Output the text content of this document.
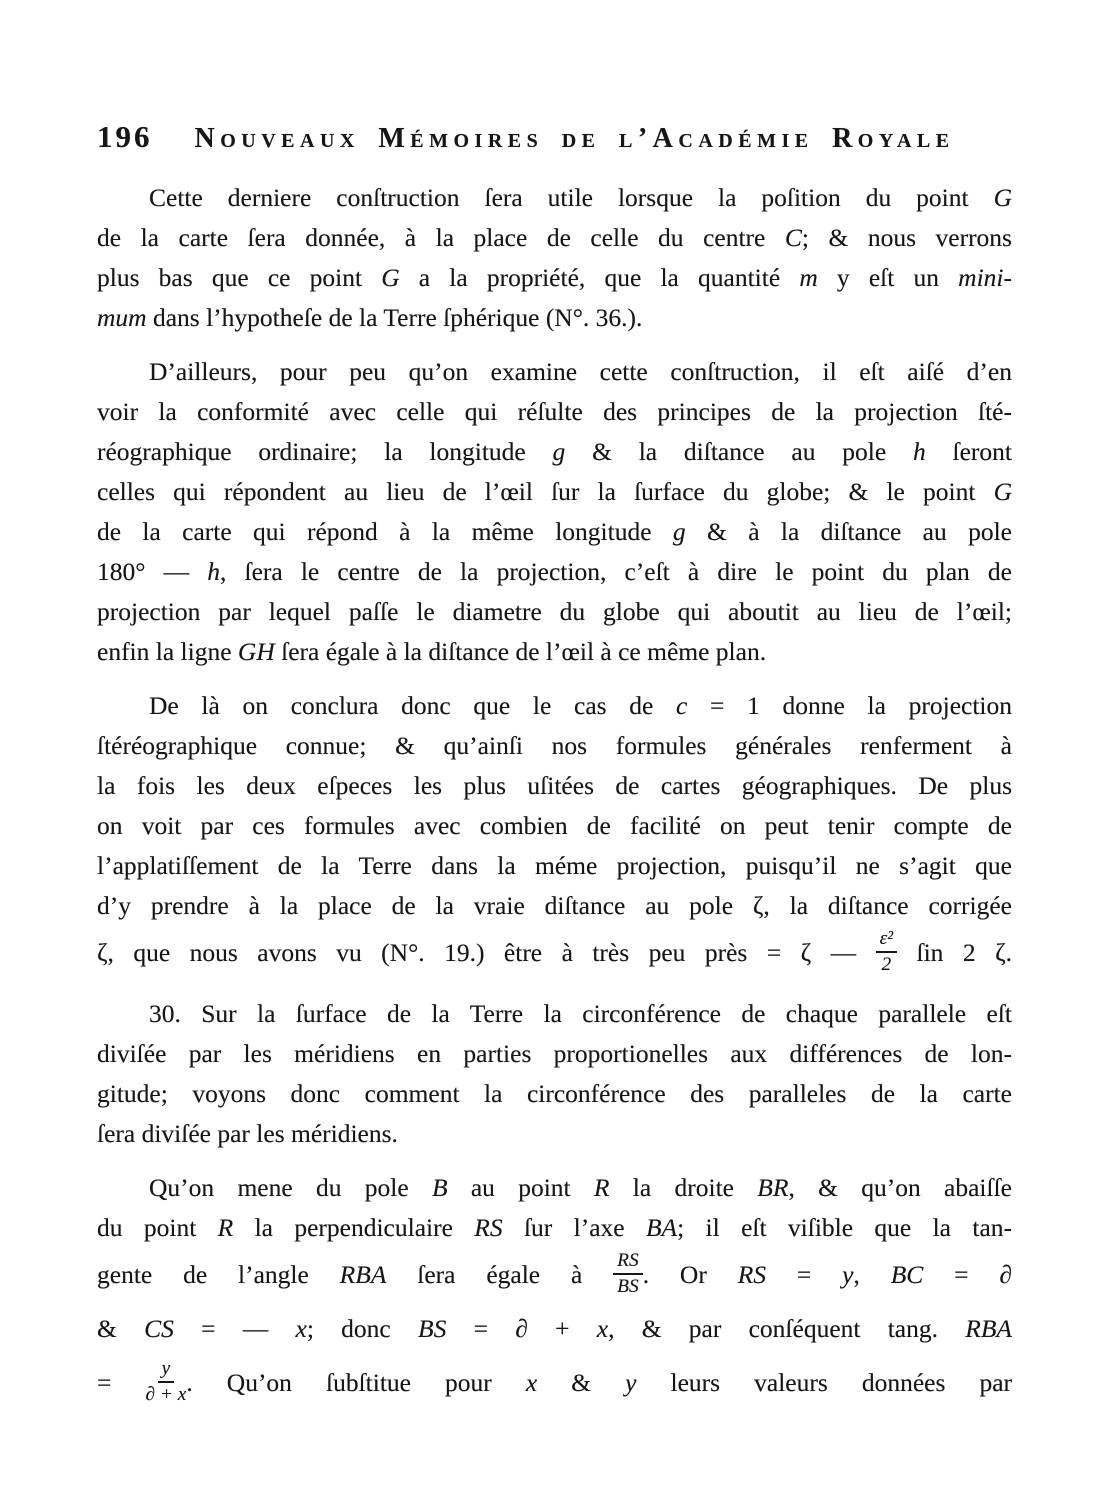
196 Nouveaux Mémoires de l’Académie Royale
Cette derniere conſtruction ſera utile lorsque la poſition du point G
de la carte ſera donnée, à la place de celle du centre C; & nous verrons
plus bas que ce point G a la propriété, que la quantité m y eſt un mini-
mum dans l’hypotheſe de la Terre ſphérique (N°. 36.).
D’ailleurs, pour peu qu’on examine cette conſtruction, il eſt aiſé d’en
voir la conformité avec celle qui réſulte des principes de la projection ſté-
réographique ordinaire; la longitude g & la diſtance au pole h ſeront
celles qui répondent au lieu de l’œil ſur la ſurface du globe; & le point G
de la carte qui répond à la même longitude g & à la diſtance au pole
180° — h, ſera le centre de la projection, c’eſt à dire le point du plan de
projection par lequel paſſe le diametre du globe qui aboutit au lieu de l’œil;
enfin la ligne GH ſera égale à la diſtance de l’œil à ce même plan.
De là on conclura donc que le cas de c = 1 donne la projection
ſtéréographique connue; & qu’ainſi nos formules générales renferment à
la fois les deux eſpeces les plus uſitées de cartes géographiques. De plus
on voit par ces formules avec combien de facilité on peut tenir compte de
l’applatiſſement de la Terre dans la méme projection, puisqu’il ne s’agit que
d’y prendre à la place de la vraie diſtance au pole ζ, la diſtance corrigée
ζ, que nous avons vu (N°. 19.) être à très peu près = ζ — $\frac{\text{ε²}}{2}$ ſin 2 ζ.
30. Sur la ſurface de la Terre la circonférence de chaque parallele eſt
diviſée par les méridiens en parties proportionelles aux différences de lon-
gitude; voyons donc comment la circonférence des paralleles de la carte
ſera diviſée par les méridiens.
Qu’on mene du pole B au point R la droite BR, & qu’on abaiſſe
du point R la perpendiculaire RS ſur l’axe BA; il eſt viſible que la tan-
gente de l’angle RBA ſera égale à $\frac{RS}{BS}$ . Or RS = y, BC = ∂
& CS = — x; donc BS = ∂ + x, & par conſéquent tang. RBA
= $\frac{y}{\partial + x}$ . Qu’on ſubſtitue pour x & y leurs valeurs données par
